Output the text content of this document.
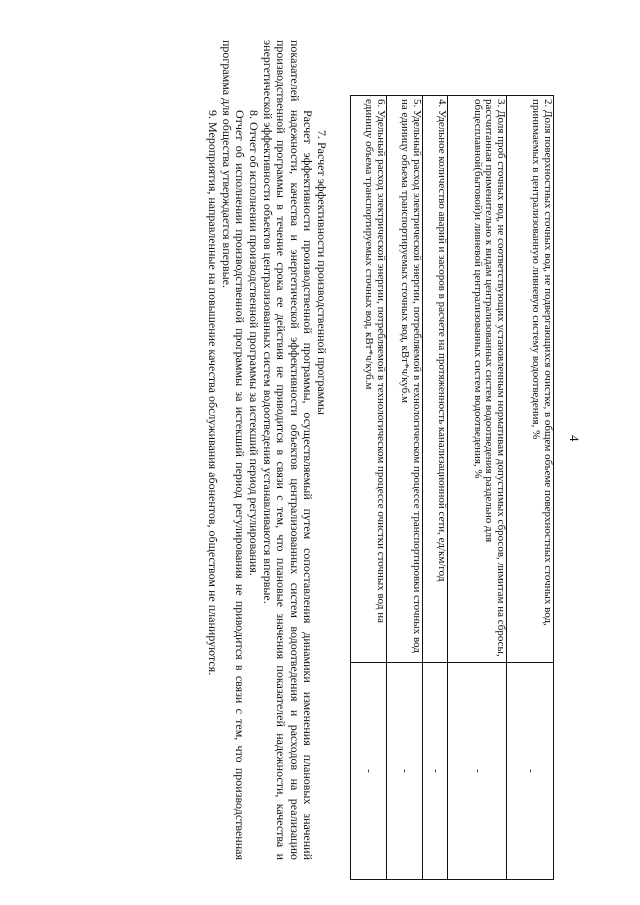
4
2. Доля поверхностных сточных вод, не подвергающихся очистке, в общем объеме поверхностных сточных вод, принимаемых в централизованную ливневую систему водоотведения, %	-
3. Доля проб сточных вод, не соответствующих установленным нормативам допустимых сбросов, лимитам на сбросы, рассчитанная применительно к видам централизованных систем водоотведения раздельно для общесплавной(бытовой)и ливневой централизованных систем водоотведения, %	-
4. Удельное количество аварий и засоров в расчете на протяженность канализационной сети, ед/км/год	-
5. Удельный расход электрической энергии, потребляемой в технологическом процессе транспортировки сточных вод на единицу объема транспортируемых сточных вод, кВт*ч/куб.м	-
6. Удельный расход электрической энергии, потребляемой в технологическом процессе очистки сточных вод на единицу объема транспортируемых сточных вод, кВт*ч/куб.м	-

7. Расчет эффективности производственной программы

Расчет эффективности производственной программы, осуществляемый путем сопоставления динамики изменения плановых значений показателей надежности, качества и энергетической эффективности объектов централизованных систем водоотведения и расходов на реализацию производственной программы в течение срока ее действия не приводится в связи с тем, что плановые значения показателей надежности, качества и энергетической эффективности объектов централизованных систем водоотведения устанавливаются впервые.

8. Отчет об исполнении производственной программы за истекший период регулирования.

Отчет об исполнении производственной программы за истекший период регулирования не приводится в связи с тем, что производственная программа для общества утверждается впервые.

9. Мероприятия, направленные на повышение качества обслуживания абонентов, обществом не планируются.
